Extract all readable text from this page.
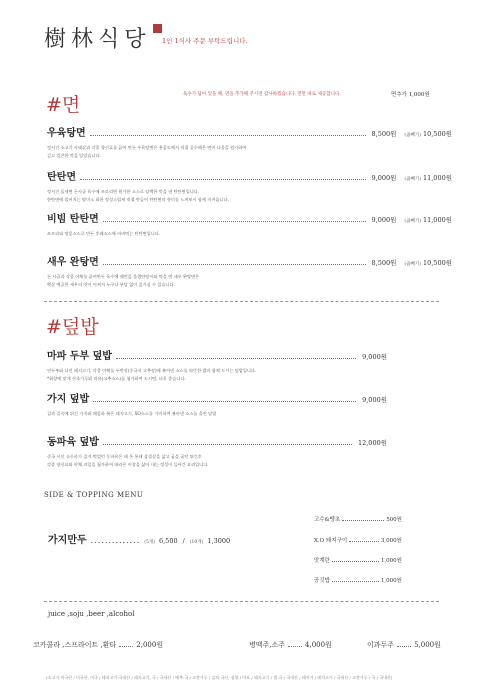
樹林식당 1인 1식사 주문 부탁드립니다.
#면	육수가 담아 있을 때, 면을 추가해 주시면 갑사하겠습니다. 면만 따로 제공합니다.	면추가 1,000원
우육탕면	8,500원 (곱빼기) 10,500원
정서건 소고기 사태살과 각종 향신료를 끓여 만든 우육탕면은 홍콩도에서 직접 공수해온 면이 나올을 원가하여
깊고 얼큰한 맛을 담았습니다.
탄탄면	9,000원 (곱빼기) 11,000원
정서건 돌새면 돈사골 육수에 쓰르리면 원가한 소스로 담백한 맛을 낸 탄탄면입니다.
한탄면에 얹어지는 땅미소 화한 정성스럽게 직접 만들어 탄탄면의 풍미를 느껴보시 함께 지켜옵니다.
비빔 탄탄면	9,000원 (곱빼기) 11,000원
쓰르리와 땅콩소스로 만든 후레소스에 비벼먹는 탄탄면입니다.
새우 완탕면	8,500원 (곱빼기) 10,500원
돈 사골과 각종 야채를 끓여만든 육수에 쉐린을 올렸탄탕이와 먹을 면 새우 완탕면은
햇살 맥골한 새우의 맛이 어쩌져 누구나 부담 없이 즐기실 수 있습니다.
#덮밥
마파 두부 덮밥	9,000원
연두부와 다진 돼지고기, 각종 야채를 두반장(중국식 고추장)에 볶아낸 소스를 따뜻한 밥과 함께 드시는 덮밥입니다.
*취향에 맞게 산초가루와 라유(고추소스)를 첨가하여 드시면, 더욱 좋습니다.
가지 덮밥	9,000원
겉과 겉속에 튀긴 가지와 매콤하 볶은 돼지고기, XO소스를 가미하여 볶아낸 소스를 올린 덮밥
동파육 덮밥	12,000원
중국 시인 소동파가 즐겨 먹었던 동파육은 돼 온 통돼 삼겹살을 삶고 굽을 굽던 튀긴후
각종 향신료와 야채 과일을 첨가하여 따라은 이상을 삶아 내는 정성이 들어간 요리입니다.
SIDE & TOPPING MENU
가지만두 .............. (5개) 6,500 / (10개) 1,3000
고수&땡초	500원
X.O 돼지구이	3,000원
맛계란	1,000원
공깃밥	1,000원
juice ,soju ,beer ,alcohol
코카콜라 ,스프라이트 ,환타	2,000원	병맥주,소주	4,000원	이과두주	5,000원
(소고기:미국산 / 미국산, 미국 / 돼지고기:국내산 / 돼지고기, 국 / 국내산 / 배추:국 / 고춧가루 / 김치:국산, 심양 / 마요 / 돼지고기 / 쌀:국 / 국내산 / 돼지가 / 돼지고기 / 국내산 / 고춧가루 / 국 / 국내산)
